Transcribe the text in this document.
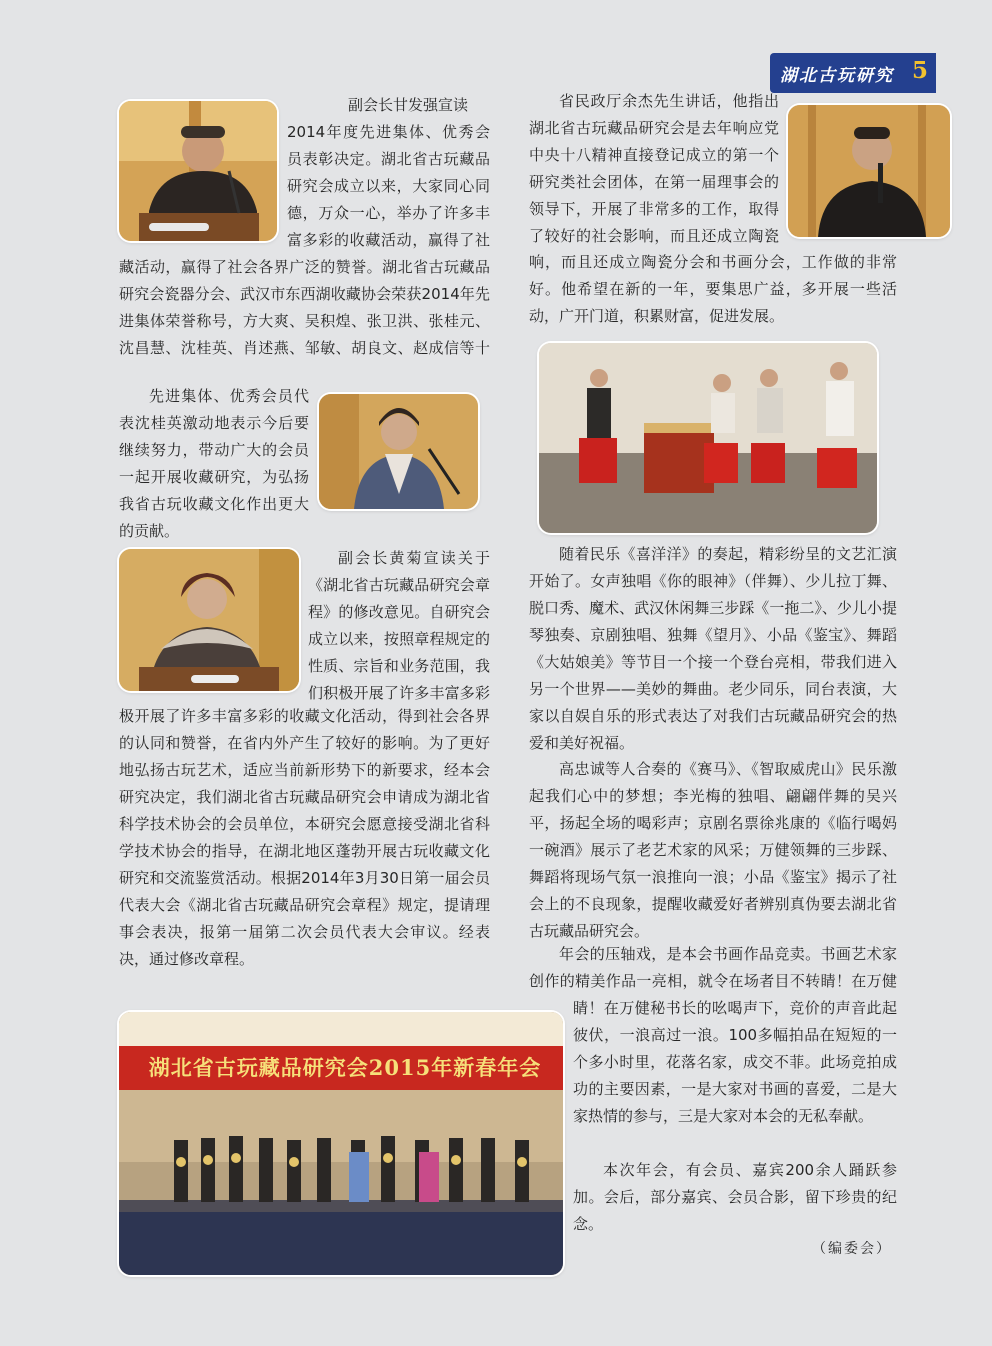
湖北古玩研究 5
湖北省古玩藏品研究会2015年新春年会
副会长甘发强宣读
2014年度先进集体、优秀会员表彰决定。湖北省古玩藏品研究会成立以来，大家同心同德，万众一心，举办了许多丰富多彩的收藏活动，赢得了社
藏活动，赢得了社会各界广泛的赞誉。湖北省古玩藏品研究会瓷器分会、武汉市东西湖收藏协会荣获2014年先进集体荣誉称号，方大爽、吴积煌、张卫洪、张桂元、沈昌慧、沈桂英、肖述燕、邹敏、胡良文、赵成信等十
先进集体、优秀会员代表沈桂英激动地表示今后要继续努力，带动广大的会员一起开展收藏研究，为弘扬我省古玩收藏文化作出更大的贡献。
副会长黄菊宣读关于《湖北省古玩藏品研究会章程》的修改意见。自研究会成立以来，按照章程规定的性质、宗旨和业务范围，我们积极开展了许多丰富多彩
极开展了许多丰富多彩的收藏文化活动，得到社会各界的认同和赞誉，在省内外产生了较好的影响。为了更好地弘扬古玩艺术，适应当前新形势下的新要求，经本会研究决定，我们湖北省古玩藏品研究会申请成为湖北省科学技术协会的会员单位，本研究会愿意接受湖北省科学技术协会的指导，在湖北地区蓬勃开展古玩收藏文化研究和交流鉴赏活动。根据2014年3月30日第一届会员代表大会《湖北省古玩藏品研究会章程》规定，提请理事会表决，报第一届第二次会员代表大会审议。经表决，通过修改章程。
省民政厅余杰先生讲话，他指出湖北省古玩藏品研究会是去年响应党中央十八精神直接登记成立的第一个研究类社会团体，在第一届理事会的领导下，开展了非常多的工作，取得了较好的社会影响，而且还成立陶瓷
响，而且还成立陶瓷分会和书画分会，工作做的非常好。他希望在新的一年，要集思广益，多开展一些活动，广开门道，积累财富，促进发展。
随着民乐《喜洋洋》的奏起，精彩纷呈的文艺汇演开始了。女声独唱《你的眼神》（伴舞）、少儿拉丁舞、脱口秀、魔术、武汉休闲舞三步踩《一拖二》、少儿小提琴独奏、京剧独唱、独舞《望月》、小品《鉴宝》、舞蹈《大姑娘美》等节目一个接一个登台亮相，带我们进入另一个世界——美妙的舞曲。老少同乐，同台表演，大家以自娱自乐的形式表达了对我们古玩藏品研究会的热爱和美好祝福。
高忠诚等人合奏的《赛马》、《智取威虎山》民乐激起我们心中的梦想；李光梅的独唱、翩翩伴舞的吴兴平，扬起全场的喝彩声；京剧名票徐兆康的《临行喝妈一碗酒》展示了老艺术家的风采；万健领舞的三步踩、舞蹈将现场气氛一浪推向一浪；小品《鉴宝》揭示了社会上的不良现象，提醒收藏爱好者辨别真伪要去湖北省古玩藏品研究会。
年会的压轴戏，是本会书画作品竞卖。书画艺术家创作的精美作品一亮相，就令在场者目不转睛！在万健
睛！在万健秘书长的吆喝声下，竞价的声音此起彼伏，一浪高过一浪。100多幅拍品在短短的一个多小时里，花落名家，成交不菲。此场竞拍成功的主要因素，一是大家对书画的喜爱，二是大家热情的参与，三是大家对本会的无私奉献。
本次年会，有会员、嘉宾200余人踊跃参加。会后，部分嘉宾、会员合影，留下珍贵的纪念。
（编委会）
